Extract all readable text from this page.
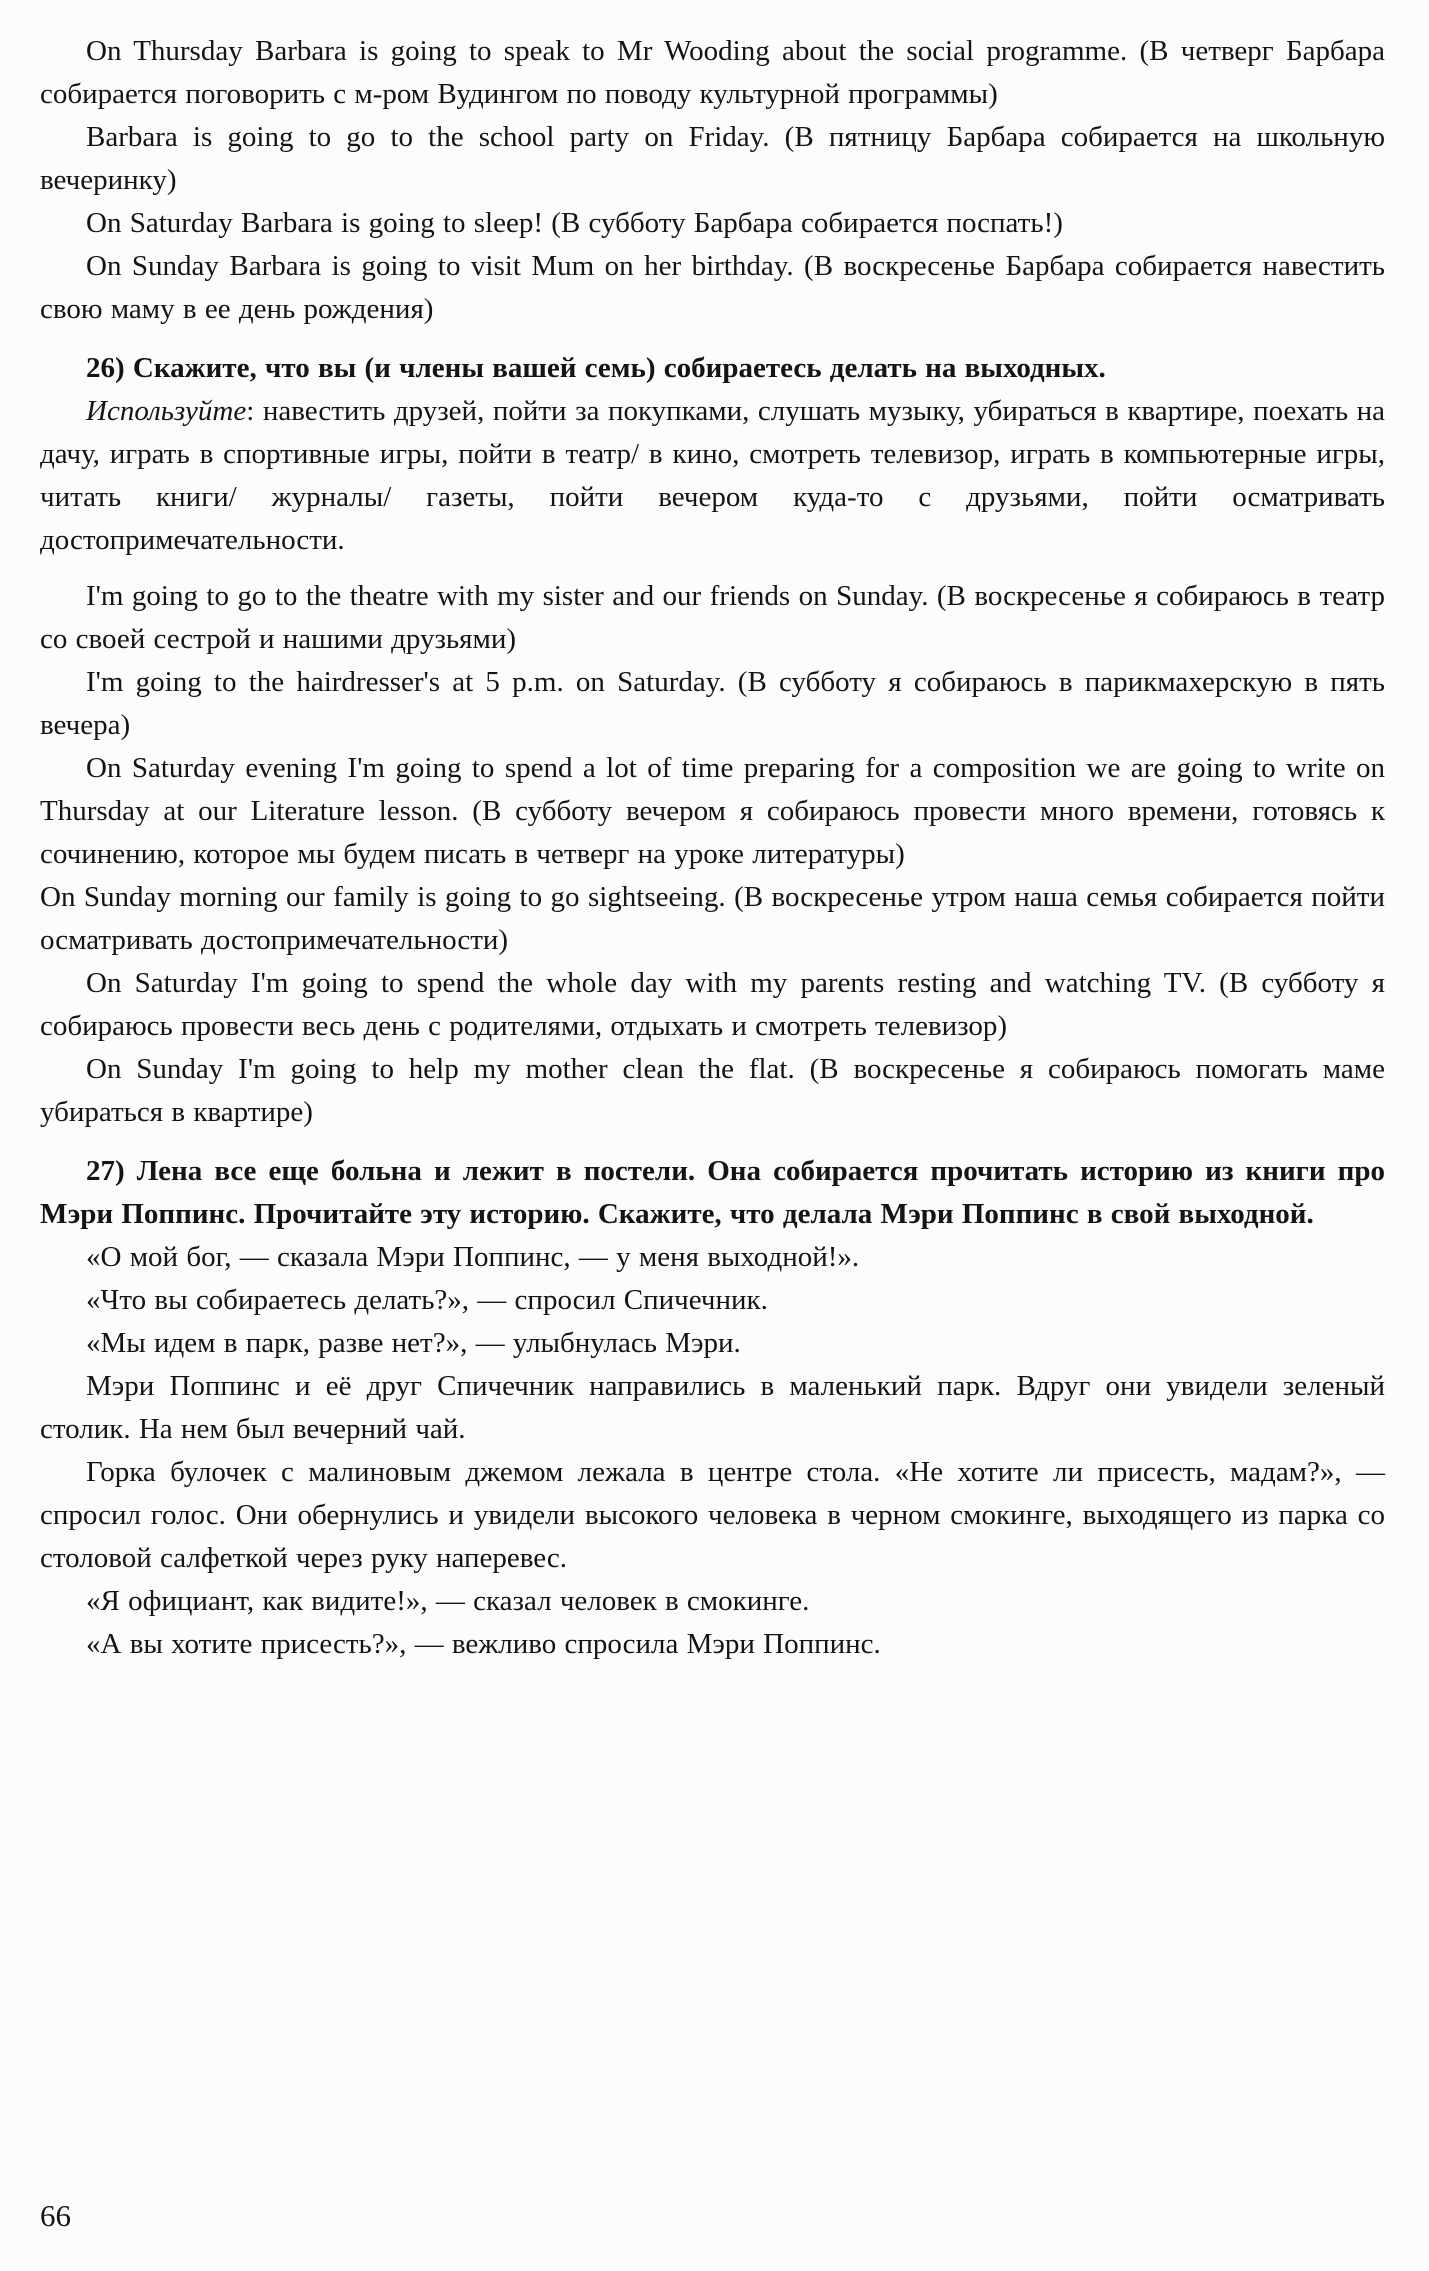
On Thursday Barbara is going to speak to Mr Wooding about the social programme. (В четверг Барбара собирается поговорить с м-ром Вудингом по поводу культурной программы)

Barbara is going to go to the school party on Friday. (В пятницу Барбара собирается на школьную вечеринку)

On Saturday Barbara is going to sleep! (В субботу Барбара собирается поспать!)

On Sunday Barbara is going to visit Mum on her birthday. (В воскресенье Барбара собирается навестить свою маму в ее день рождения)

26) Скажите, что вы (и члены вашей семь) собираетесь делать на выходных.

Используйте: навестить друзей, пойти за покупками, слушать музыку, убираться в квартире, поехать на дачу, играть в спортивные игры, пойти в театр/ в кино, смотреть телевизор, играть в компьютерные игры, читать книги/ журналы/ газеты, пойти вечером куда-то с друзьями, пойти осматривать достопримечательности.

I'm going to go to the theatre with my sister and our friends on Sunday. (В воскресенье я собираюсь в театр со своей сестрой и нашими друзьями)

I'm going to the hairdresser's at 5 p.m. on Saturday. (В субботу я собираюсь в парикмахерскую в пять вечера)

On Saturday evening I'm going to spend a lot of time preparing for a composition we are going to write on Thursday at our Literature lesson. (В субботу вечером я собираюсь провести много времени, готовясь к сочинению, которое мы будем писать в четверг на уроке литературы)

On Sunday morning our family is going to go sightseeing. (В воскресенье утром наша семья собирается пойти осматривать достопримечательности)

On Saturday I'm going to spend the whole day with my parents resting and watching TV. (В субботу я собираюсь провести весь день с родителями, отдыхать и смотреть телевизор)

On Sunday I'm going to help my mother clean the flat. (В воскресенье я собираюсь помогать маме убираться в квартире)

27) Лена все еще больна и лежит в постели. Она собирается прочитать историю из книги про Мэри Поппинс. Прочитайте эту историю. Скажите, что делала Мэри Поппинс в свой выходной.

«О мой бог, — сказала Мэри Поппинс, — у меня выходной!».

«Что вы собираетесь делать?», — спросил Спичечник.

«Мы идем в парк, разве нет?», — улыбнулась Мэри.

Мэри Поппинс и её друг Спичечник направились в маленький парк. Вдруг они увидели зеленый столик. На нем был вечерний чай.

Горка булочек с малиновым джемом лежала в центре стола. «Не хотите ли присесть, мадам?», — спросил голос. Они обернулись и увидели высокого человека в черном смокинге, выходящего из парка со столовой салфеткой через руку наперевес.

«Я официант, как видите!», — сказал человек в смокинге.

«А вы хотите присесть?», — вежливо спросила Мэри Поппинс.

66
